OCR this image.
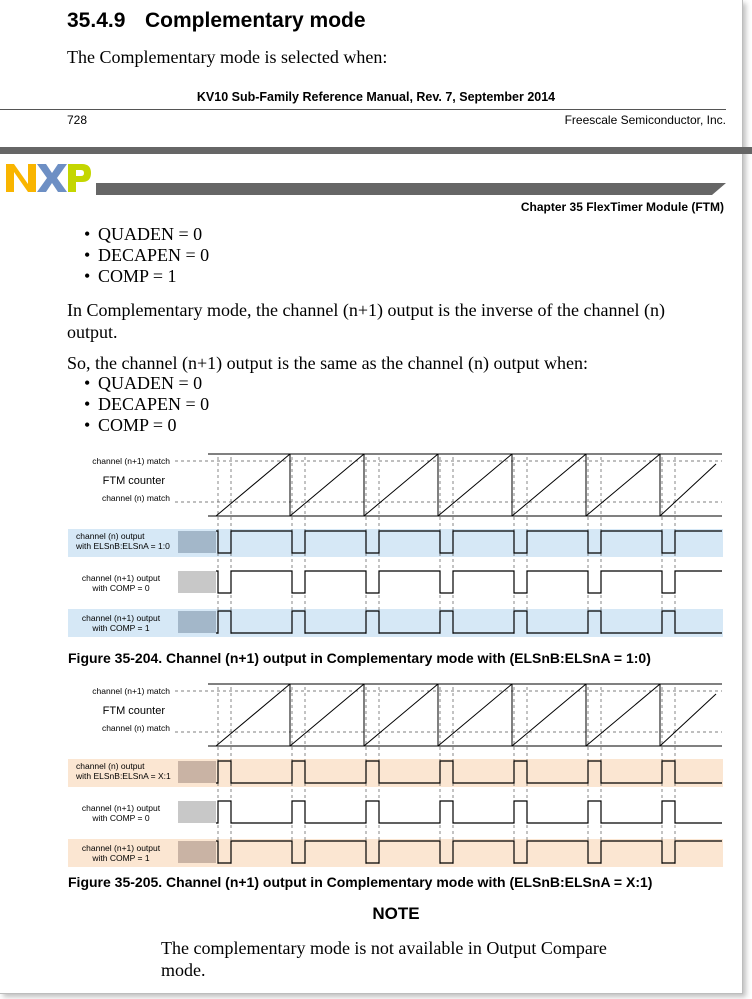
35.4.9 Complementary mode
The Complementary mode is selected when:
KV10 Sub-Family Reference Manual, Rev. 7, September 2014
728	Freescale Semiconductor, Inc.
Chapter 35 FlexTimer Module (FTM)
• QUADEN = 0
• DECAPEN = 0
• COMP = 1
In Complementary mode, the channel (n+1) output is the inverse of the channel (n) output.
So, the channel (n+1) output is the same as the channel (n) output when:
• QUADEN = 0
• DECAPEN = 0
• COMP = 0
channel (n+1) match
FTM counter
channel (n) match
channel (n) output
with ELSnB:ELSnA = 1:0
channel (n+1) output
with COMP = 0
channel (n+1) output
with COMP = 1
Figure 35-204. Channel (n+1) output in Complementary mode with (ELSnB:ELSnA = 1:0)
channel (n+1) match
FTM counter
channel (n) match
channel (n) output
with ELSnB:ELSnA = X:1
channel (n+1) output
with COMP = 0
channel (n+1) output
with COMP = 1
Figure 35-205. Channel (n+1) output in Complementary mode with (ELSnB:ELSnA = X:1)
NOTE
The complementary mode is not available in Output Compare mode.
